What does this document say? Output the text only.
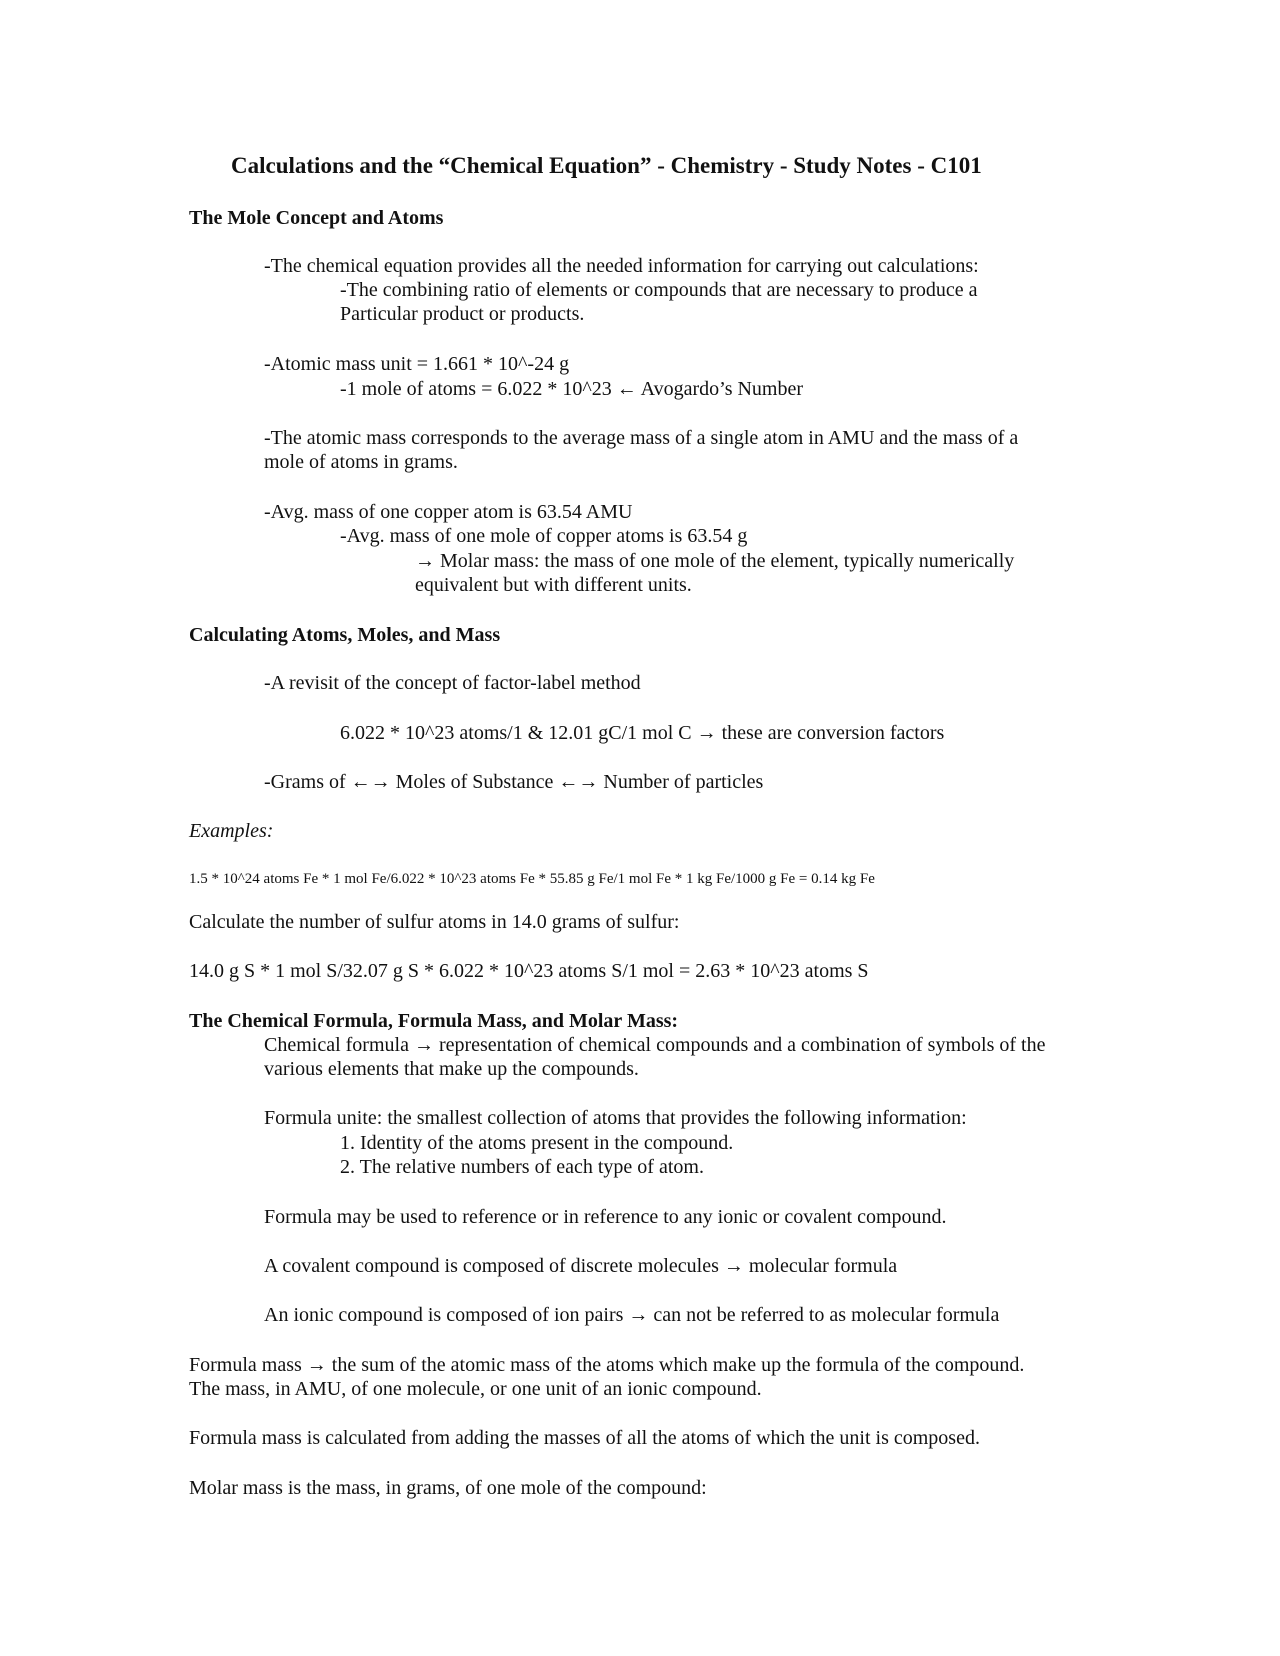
Calculations and the “Chemical Equation” - Chemistry - Study Notes - C101

The Mole Concept and Atoms

-The chemical equation provides all the needed information for carrying out calculations:

-The combining ratio of elements or compounds that are necessary to produce a

Particular product or products.

-Atomic mass unit = 1.661 * 10^-24 g

-1 mole of atoms = 6.022 * 10^23 ← Avogardo’s Number

-The atomic mass corresponds to the average mass of a single atom in AMU and the mass of a

mole of atoms in grams.

-Avg. mass of one copper atom is 63.54 AMU

-Avg. mass of one mole of copper atoms is 63.54 g

→ Molar mass: the mass of one mole of the element, typically numerically

equivalent but with different units.

Calculating Atoms, Moles, and Mass

-A revisit of the concept of factor-label method

6.022 * 10^23 atoms/1 & 12.01 gC/1 mol C → these are conversion factors

-Grams of ←→ Moles of Substance ←→ Number of particles

Examples:

1.5 * 10^24 atoms Fe * 1 mol Fe/6.022 * 10^23 atoms Fe * 55.85 g Fe/1 mol Fe * 1 kg Fe/1000 g Fe = 0.14 kg Fe

Calculate the number of sulfur atoms in 14.0 grams of sulfur:

14.0 g S * 1 mol S/32.07 g S * 6.022 * 10^23 atoms S/1 mol = 2.63 * 10^23 atoms S

The Chemical Formula, Formula Mass, and Molar Mass:

Chemical formula → representation of chemical compounds and a combination of symbols of the

various elements that make up the compounds.

Formula unite: the smallest collection of atoms that provides the following information:

1. Identity of the atoms present in the compound.

2. The relative numbers of each type of atom.

Formula may be used to reference or in reference to any ionic or covalent compound.

A covalent compound is composed of discrete molecules → molecular formula

An ionic compound is composed of ion pairs → can not be referred to as molecular formula

Formula mass → the sum of the atomic mass of the atoms which make up the formula of the compound.

The mass, in AMU, of one molecule, or one unit of an ionic compound.

Formula mass is calculated from adding the masses of all the atoms of which the unit is composed.

Molar mass is the mass, in grams, of one mole of the compound:
